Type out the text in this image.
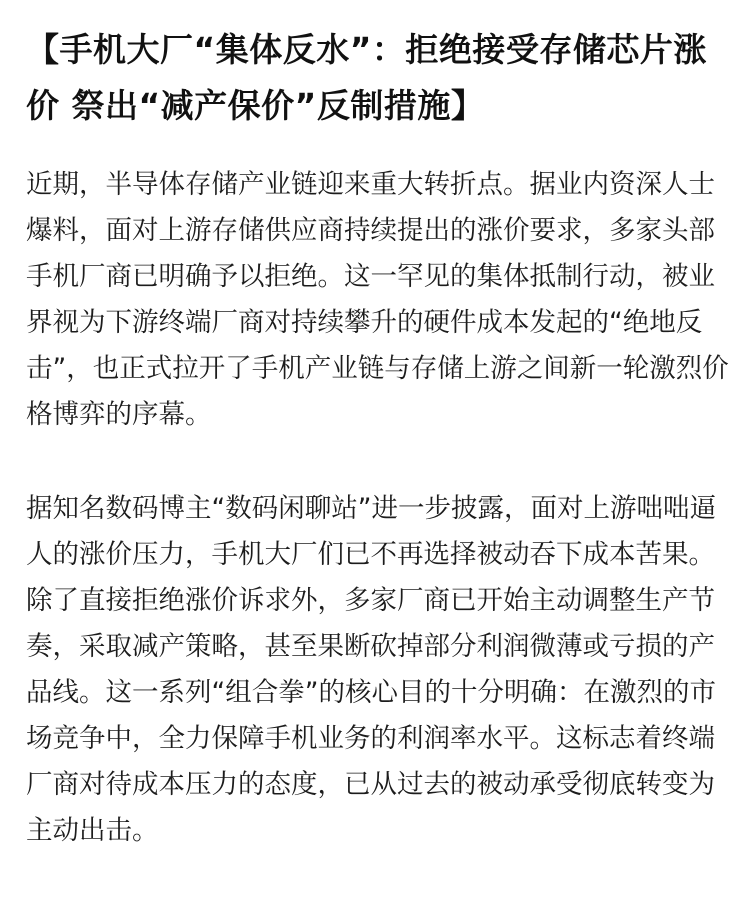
【手机大厂“集体反水”：拒绝接受存储芯片涨价 祭出“减产保价”反制措施】

近期，半导体存储产业链迎来重大转折点。据业内资深人士爆料，面对上游存储供应商持续提出的涨价要求，多家头部手机厂商已明确予以拒绝。这一罕见的集体抵制行动，被业界视为下游终端厂商对持续攀升的硬件成本发起的“绝地反击”，也正式拉开了手机产业链与存储上游之间新一轮激烈价格博弈的序幕。

据知名数码博主“数码闲聊站”进一步披露，面对上游咄咄逼人的涨价压力，手机大厂们已不再选择被动吞下成本苦果。除了直接拒绝涨价诉求外，多家厂商已开始主动调整生产节奏，采取减产策略，甚至果断砍掉部分利润微薄或亏损的产品线。这一系列“组合拳”的核心目的十分明确：在激烈的市场竞争中，全力保障手机业务的利润率水平。这标志着终端厂商对待成本压力的态度，已从过去的被动承受彻底转变为主动出击。
